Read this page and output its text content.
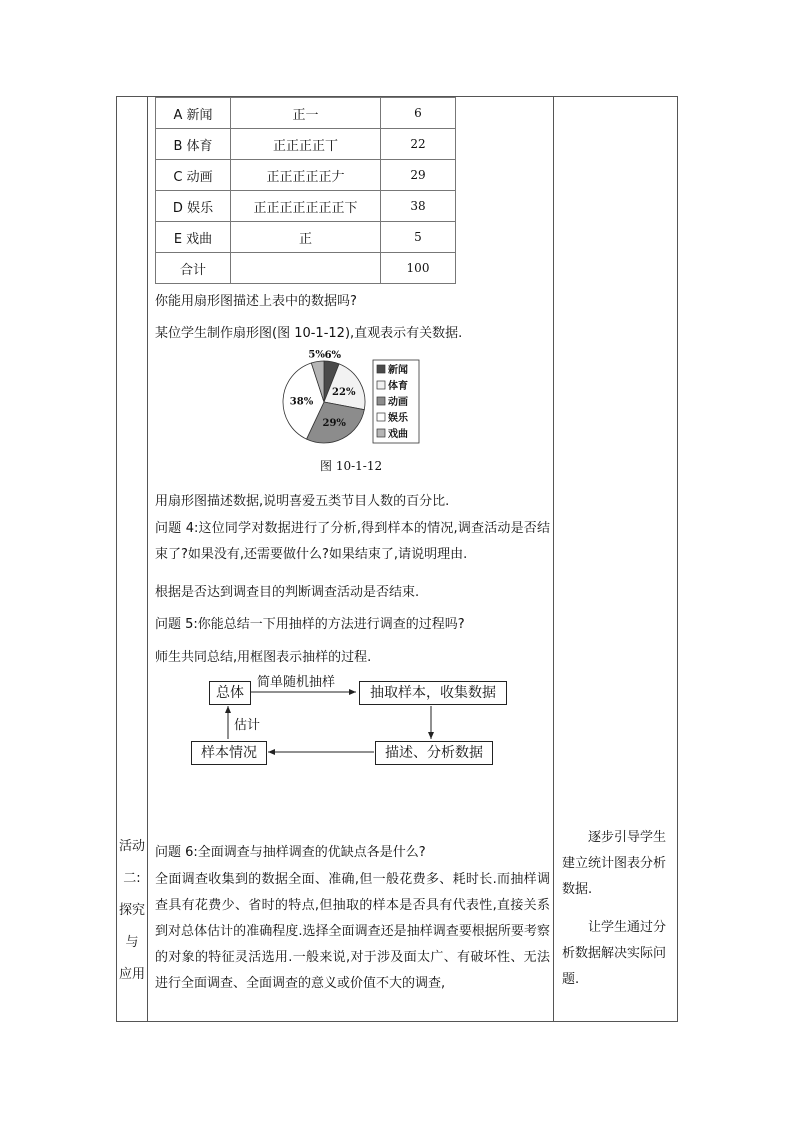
A 新闻	正一	6
B 体育	正正正正丅	22
C 动画	正正正正正𠂇	29
D 娱乐	正正正正正正正下	38
E 戏曲	正	5
合计		100
你能用扇形图描述上表中的数据吗?
某位学生制作扇形图(图 10-1-12),直观表示有关数据.
6%
22%
29%
38%
5%
新闻
体育
动画
娱乐
戏曲
图 10-1-12
用扇形图描述数据,说明喜爱五类节目人数的百分比.
问题 4:这位同学对数据进行了分析,得到样本的情况,调查活动是否结束了?如果没有,还需要做什么?如果结束了,请说明理由.
根据是否达到调查目的判断调查活动是否结束.
问题 5:你能总结一下用抽样的方法进行调查的过程吗?
师生共同总结,用框图表示抽样的过程.
总体	抽取样本，收集数据
描述、分析数据
样本情况
简单随机抽样
估计
活动
二:
探究
与
应用
问题 6:全面调查与抽样调查的优缺点各是什么?
全面调查收集到的数据全面、准确,但一般花费多、耗时长.而抽样调查具有花费少、省时的特点,但抽取的样本是否具有代表性,直接关系到对总体估计的准确程度.选择全面调查还是抽样调查要根据所要考察的对象的特征灵活选用.一般来说,对于涉及面太广、有破坏性、无法进行全面调查、全面调查的意义或价值不大的调查,
逐步引导学生建立统计图表分析数据.
让学生通过分析数据解决实际问题.
